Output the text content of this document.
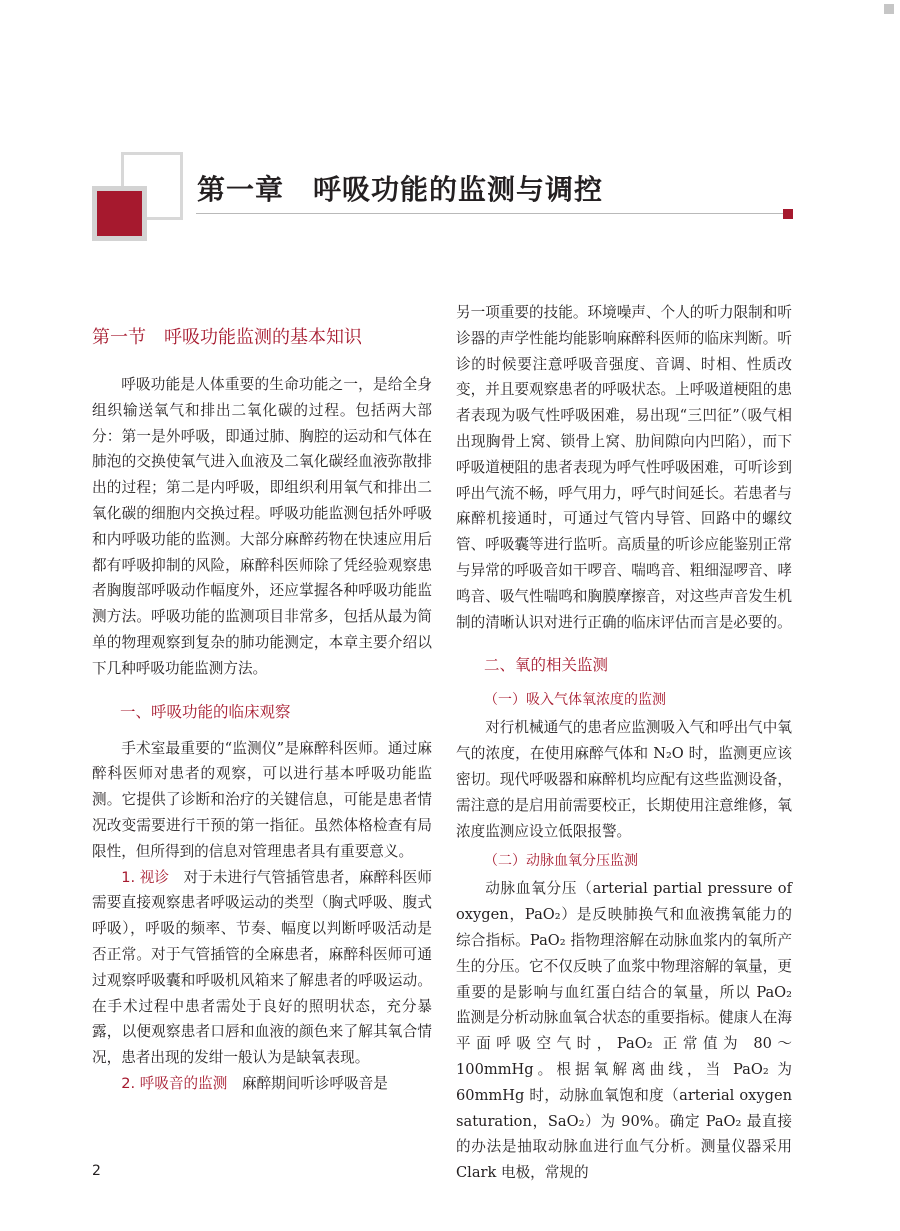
第一章　呼吸功能的监测与调控
第一节　呼吸功能监测的基本知识

呼吸功能是人体重要的生命功能之一，是给全身组织输送氧气和排出二氧化碳的过程。包括两大部分：第一是外呼吸，即通过肺、胸腔的运动和气体在肺泡的交换使氧气进入血液及二氧化碳经血液弥散排出的过程；第二是内呼吸，即组织利用氧气和排出二氧化碳的细胞内交换过程。呼吸功能监测包括外呼吸和内呼吸功能的监测。大部分麻醉药物在快速应用后都有呼吸抑制的风险，麻醉科医师除了凭经验观察患者胸腹部呼吸动作幅度外，还应掌握各种呼吸功能监测方法。呼吸功能的监测项目非常多，包括从最为简单的物理观察到复杂的肺功能测定，本章主要介绍以下几种呼吸功能监测方法。

一、呼吸功能的临床观察

手术室最重要的“监测仪”是麻醉科医师。通过麻醉科医师对患者的观察，可以进行基本呼吸功能监测。它提供了诊断和治疗的关键信息，可能是患者情况改变需要进行干预的第一指征。虽然体格检查有局限性，但所得到的信息对管理患者具有重要意义。

1. 视诊　 对于未进行气管插管患者，麻醉科医师需要直接观察患者呼吸运动的类型（胸式呼吸、腹式呼吸），呼吸的频率、节奏、幅度以判断呼吸活动是否正常。对于气管插管的全麻患者，麻醉科医师可通过观察呼吸囊和呼吸机风箱来了解患者的呼吸运动。在手术过程中患者需处于良好的照明状态，充分暴露，以便观察患者口唇和血液的颜色来了解其氧合情况，患者出现的发绀一般认为是缺氧表现。

2. 呼吸音的监测　 麻醉期间听诊呼吸音是

另一项重要的技能。环境噪声、个人的听力限制和听诊器的声学性能均能影响麻醉科医师的临床判断。听诊的时候要注意呼吸音强度、音调、时相、性质改变，并且要观察患者的呼吸状态。上呼吸道梗阻的患者表现为吸气性呼吸困难，易出现“三凹征”（吸气相出现胸骨上窝、锁骨上窝、肋间隙向内凹陷），而下呼吸道梗阻的患者表现为呼气性呼吸困难，可听诊到呼出气流不畅，呼气用力，呼气时间延长。若患者与麻醉机接通时，可通过气管内导管、回路中的螺纹管、呼吸囊等进行监听。高质量的听诊应能鉴别正常与异常的呼吸音如干啰音、喘鸣音、粗细湿啰音、哮鸣音、吸气性喘鸣和胸膜摩擦音，对这些声音发生机制的清晰认识对进行正确的临床评估而言是必要的。

二、氧的相关监测
（一）吸入气体氧浓度的监测

对行机械通气的患者应监测吸入气和呼出气中氧气的浓度，在使用麻醉气体和 N₂O 时，监测更应该密切。现代呼吸器和麻醉机均应配有这些监测设备，需注意的是启用前需要校正，长期使用注意维修，氧浓度监测应设立低限报警。

（二）动脉血氧分压监测

动脉血氧分压（arterial partial pressure of oxygen，PaO₂）是反映肺换气和血液携氧能力的综合指标。PaO₂ 指物理溶解在动脉血浆内的氧所产生的分压。它不仅反映了血浆中物理溶解的氧量，更重要的是影响与血红蛋白结合的氧量，所以 PaO₂ 监测是分析动脉血氧合状态的重要指标。健康人在海平面呼吸空气时，PaO₂ 正常值为 80～100mmHg。根据氧解离曲线，当 PaO₂ 为 60mmHg 时，动脉血氧饱和度（arterial oxygen saturation，SaO₂）为 90%。确定 PaO₂ 最直接的办法是抽取动脉血进行血气分析。测量仪器采用 Clark 电极，常规的

2
